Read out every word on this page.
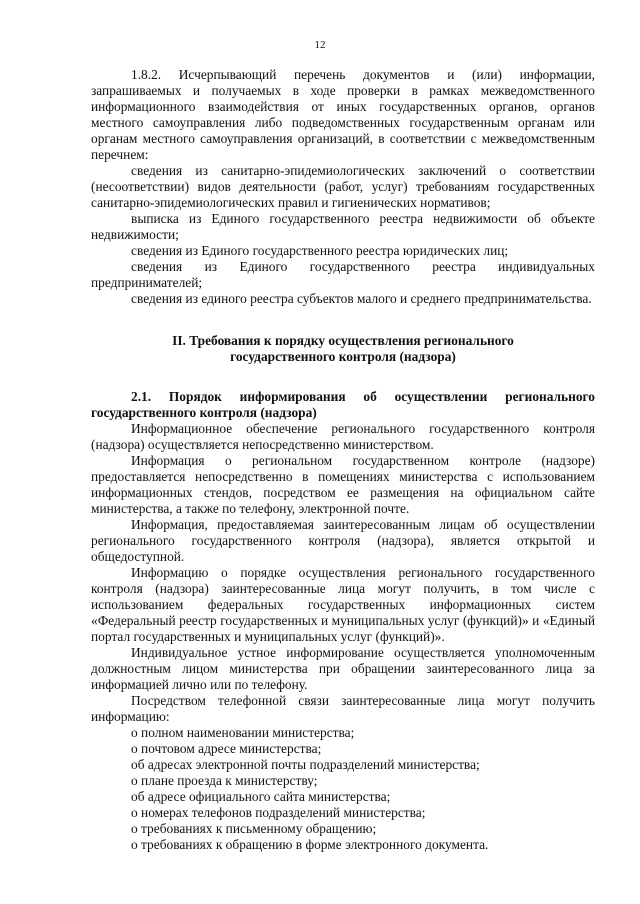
12

1.8.2. Исчерпывающий перечень документов и (или) информации, запрашиваемых и получаемых в ходе проверки в рамках межведомственного информационного взаимодействия от иных государственных органов, органов местного самоуправления либо подведомственных государственным органам или органам местного самоуправления организаций, в соответствии с межведомственным перечнем:

сведения из санитарно-эпидемиологических заключений о соответствии (несоответствии) видов деятельности (работ, услуг) требованиям государственных санитарно-эпидемиологических правил и гигиенических нормативов;

выписка из Единого государственного реестра недвижимости об объекте недвижимости;

сведения из Единого государственного реестра юридических лиц;

сведения из Единого государственного реестра индивидуальных предпринимателей;

сведения из единого реестра субъектов малого и среднего предпринимательства.

II. Требования к порядку осуществления регионального
государственного контроля (надзора)

2.1. Порядок информирования об осуществлении регионального государственного контроля (надзора)

Информационное обеспечение регионального государственного контроля (надзора) осуществляется непосредственно министерством.

Информация о региональном государственном контроле (надзоре) предоставляется непосредственно в помещениях министерства с использованием информационных стендов, посредством ее размещения на официальном сайте министерства, а также по телефону, электронной почте.

Информация, предоставляемая заинтересованным лицам об осуществлении регионального государственного контроля (надзора), является открытой и общедоступной.

Информацию о порядке осуществления регионального государственного контроля (надзора) заинтересованные лица могут получить, в том числе с использованием федеральных государственных информационных систем «Федеральный реестр государственных и муниципальных услуг (функций)» и «Единый портал государственных и муниципальных услуг (функций)».

Индивидуальное устное информирование осуществляется уполномоченным должностным лицом министерства при обращении заинтересованного лица за информацией лично или по телефону.

Посредством телефонной связи заинтересованные лица могут получить информацию:

о полном наименовании министерства;

о почтовом адресе министерства;

об адресах электронной почты подразделений министерства;

о плане проезда к министерству;

об адресе официального сайта министерства;

о номерах телефонов подразделений министерства;

о требованиях к письменному обращению;

о требованиях к обращению в форме электронного документа.
